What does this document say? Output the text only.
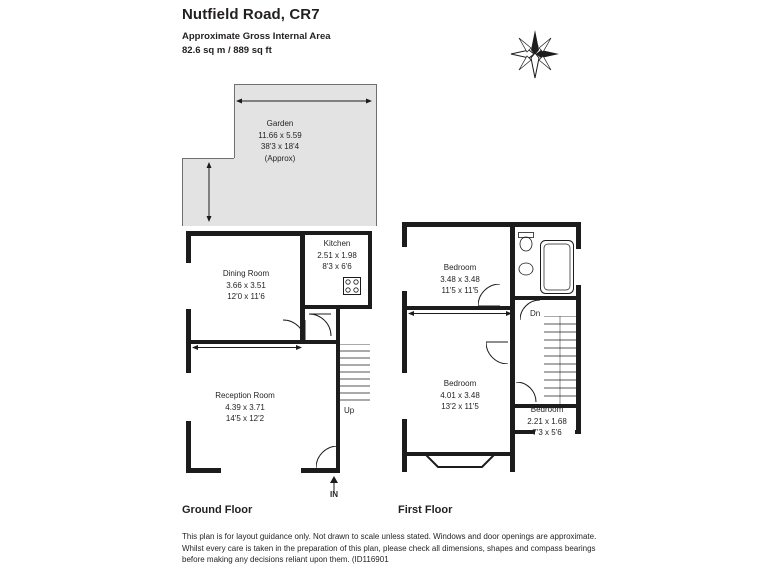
Nutfield Road, CR7
Approximate Gross Internal Area
82.6 sq m / 889 sq ft	N
Garden
11.66 x 5.59
38'3 x 18'4
(Approx)
Dining Room
3.66 x 3.51
12'0 x 11'6
Kitchen
2.51 x 1.98
8'3 x 6'6
Reception Room
4.39 x 3.71
14'5 x 12'2
Up
IN
Ground Floor
Bedroom
3.48 x 3.48
11'5 x 11'5
Bedroom
4.01 x 3.48
13'2 x 11'5	Bedroom
2.21 x 1.68
7'3 x 5'6
Dn
First Floor
This plan is for layout guidance only. Not drawn to scale unless stated. Windows and door openings are approximate. Whilst every care is taken in the preparation of this plan, please check all dimensions, shapes and compass bearings before making any decisions reliant upon them. (ID116901
